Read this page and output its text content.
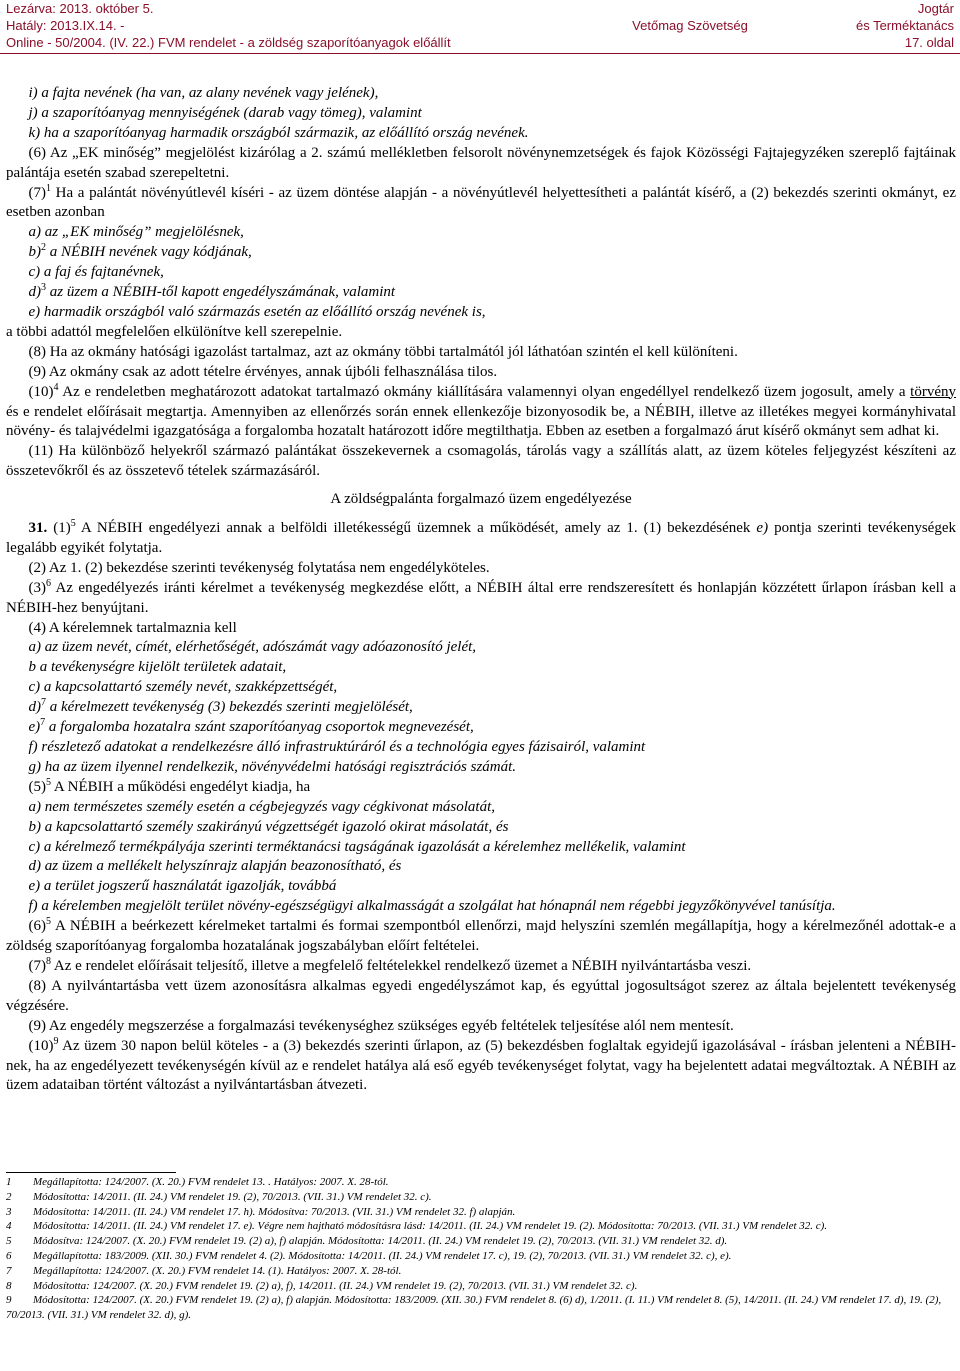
Lezárva: 2013. október 5.
Hatály: 2013.IX.14. -
Online - 50/2004. (IV. 22.) FVM rendelet - a zöldség szaporítóanyagok előállít
Vetőmag Szövetség
Jogtár
és Terméktanács
17. oldal

i) a fajta nevének (ha van, az alany nevének vagy jelének),

j) a szaporítóanyag mennyiségének (darab vagy tömeg), valamint

k) ha a szaporítóanyag harmadik országból származik, az előállító ország nevének.

(6) Az „EK minőség” megjelölést kizárólag a 2. számú mellékletben felsorolt növénynemzetségek és fajok Közösségi Fajtajegyzéken szereplő fajtáinak palántája esetén szabad szerepeltetni.

$(7)^1$ Ha a palántát növényútlevél kíséri - az üzem döntése alapján - a növényútlevél helyettesítheti a palántát kísérő, a (2) bekezdés szerinti okmányt, ez esetben azonban

a) az „EK minőség” megjelölésnek,

b)$^2$ a NÉBIH nevének vagy kódjának,

c) a faj és fajtanévnek,

d)$^3$ az üzem a NÉBIH-től kapott engedélyszámának, valamint

e) harmadik országból való származás esetén az előállító ország nevének is,

a többi adattól megfelelően elkülönítve kell szerepelnie.

(8) Ha az okmány hatósági igazolást tartalmaz, azt az okmány többi tartalmától jól láthatóan szintén el kell különíteni.

(9) Az okmány csak az adott tételre érvényes, annak újbóli felhasználása tilos.

$(10)^4$ Az e rendeletben meghatározott adatokat tartalmazó okmány kiállítására valamennyi olyan engedéllyel rendelkező üzem jogosult, amely a törvény és e rendelet előírásait megtartja. Amennyiben az ellenőrzés során ennek ellenkezője bizonyosodik be, a NÉBIH, illetve az illetékes megyei kormányhivatal növény- és talajvédelmi igazgatósága a forgalomba hozatalt határozott időre megtilthatja. Ebben az esetben a forgalmazó árut kísérő okmányt sem adhat ki.

(11) Ha különböző helyekről származó palántákat összekevernek a csomagolás, tárolás vagy a szállítás alatt, az üzem köteles feljegyzést készíteni az összetevőkről és az összetevő tételek származásáról.

A zöldségpalánta forgalmazó üzem engedélyezése

31. $(1)^5$ A NÉBIH engedélyezi annak a belföldi illetékességű üzemnek a működését, amely az 1. (1) bekezdésének e) pontja szerinti tevékenységek legalább egyikét folytatja.

(2) Az 1. (2) bekezdése szerinti tevékenység folytatása nem engedélyköteles.

$(3)^6$ Az engedélyezés iránti kérelmet a tevékenység megkezdése előtt, a NÉBIH által erre rendszeresített és honlapján közzétett űrlapon írásban kell a NÉBIH-hez benyújtani.

(4) A kérelemnek tartalmaznia kell

a) az üzem nevét, címét, elérhetőségét, adószámát vagy adóazonosító jelét,

b a tevékenységre kijelölt területek adatait,

c) a kapcsolattartó személy nevét, szakképzettségét,

d)$^7$ a kérelmezett tevékenység (3) bekezdés szerinti megjelölését,

e)$^7$ a forgalomba hozatalra szánt szaporítóanyag csoportok megnevezését,

f) részletező adatokat a rendelkezésre álló infrastruktúráról és a technológia egyes fázisairól, valamint

g) ha az üzem ilyennel rendelkezik, növényvédelmi hatósági regisztrációs számát.

$(5)^5$ A NÉBIH a működési engedélyt kiadja, ha

a) nem természetes személy esetén a cégbejegyzés vagy cégkivonat másolatát,

b) a kapcsolattartó személy szakirányú végzettségét igazoló okirat másolatát, és

c) a kérelmező termékpályája szerinti terméktanácsi tagságának igazolását a kérelemhez mellékelik, valamint

d) az üzem a mellékelt helyszínrajz alapján beazonosítható, és

e) a terület jogszerű használatát igazolják, továbbá

f) a kérelemben megjelölt terület növény-egészségügyi alkalmasságát a szolgálat hat hónapnál nem régebbi jegyzőkönyvével tanúsítja.

$(6)^5$ A NÉBIH a beérkezett kérelmeket tartalmi és formai szempontból ellenőrzi, majd helyszíni szemlén megállapítja, hogy a kérelmezőnél adottak-e a zöldség szaporítóanyag forgalomba hozatalának jogszabályban előírt feltételei.

$(7)^8$ Az e rendelet előírásait teljesítő, illetve a megfelelő feltételekkel rendelkező üzemet a NÉBIH nyilvántartásba veszi.

(8) A nyilvántartásba vett üzem azonosításra alkalmas egyedi engedélyszámot kap, és egyúttal jogosultságot szerez az általa bejelentett tevékenység végzésére.

(9) Az engedély megszerzése a forgalmazási tevékenységhez szükséges egyéb feltételek teljesítése alól nem mentesít.

$(10)^9$ Az üzem 30 napon belül köteles - a (3) bekezdés szerinti űrlapon, az (5) bekezdésben foglaltak egyidejű igazolásával - írásban jelenteni a NÉBIH-nek, ha az engedélyezett tevékenységén kívül az e rendelet hatálya alá eső egyéb tevékenységet folytat, vagy ha bejelentett adatai megváltoztak. A NÉBIH az üzem adataiban történt változást a nyilvántartásban átvezeti.

1 Megállapította: 124/2007. (X. 20.) FVM rendelet 13. . Hatályos: 2007. X. 28-tól.

2 Módosította: 14/2011. (II. 24.) VM rendelet 19. (2), 70/2013. (VII. 31.) VM rendelet 32. c).

3 Módosította: 14/2011. (II. 24.) VM rendelet 17. h). Módosítva: 70/2013. (VII. 31.) VM rendelet 32. f) alapján.

4 Módosította: 14/2011. (II. 24.) VM rendelet 17. e). Végre nem hajtható módosításra lásd: 14/2011. (II. 24.) VM rendelet 19. (2). Módosította: 70/2013. (VII. 31.) VM rendelet 32. c).

5 Módosítva: 124/2007. (X. 20.) FVM rendelet 19. (2) a), f) alapján. Módosította: 14/2011. (II. 24.) VM rendelet 19. (2), 70/2013. (VII. 31.) VM rendelet 32. d).

6 Megállapította: 183/2009. (XII. 30.) FVM rendelet 4. (2). Módosította: 14/2011. (II. 24.) VM rendelet 17. c), 19. (2), 70/2013. (VII. 31.) VM rendelet 32. c), e).

7 Megállapította: 124/2007. (X. 20.) FVM rendelet 14. (1). Hatályos: 2007. X. 28-tól.

8 Módosította: 124/2007. (X. 20.) FVM rendelet 19. (2) a), f), 14/2011. (II. 24.) VM rendelet 19. (2), 70/2013. (VII. 31.) VM rendelet 32. c).

9 Módosította: 124/2007. (X. 20.) FVM rendelet 19. (2) a), f) alapján. Módosította: 183/2009. (XII. 30.) FVM rendelet 8. (6) d), 1/2011. (I. 11.) VM rendelet 8. (5), 14/2011. (II. 24.) VM rendelet 17. d), 19. (2), 70/2013. (VII. 31.) VM rendelet 32. d), g).
